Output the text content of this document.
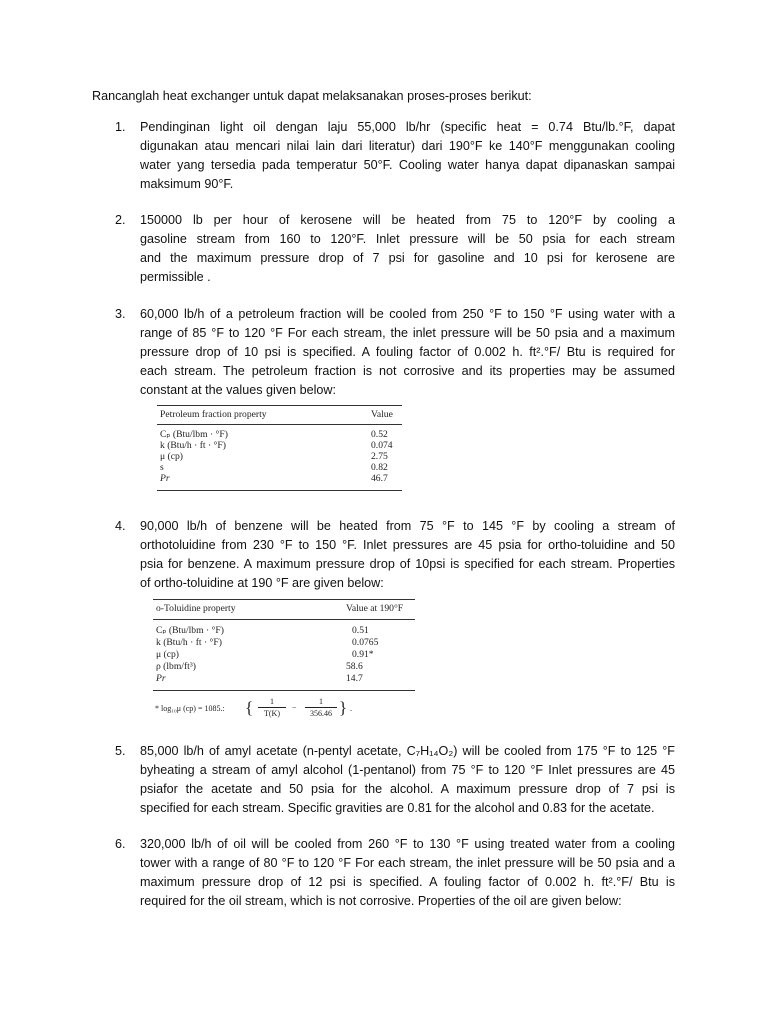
Rancanglah heat exchanger untuk dapat melaksanakan proses-proses berikut:
1.	Pendinginan light oil dengan laju 55,000 lb/hr (specific heat = 0.74 Btu/lb.°F, dapat
digunakan atau mencari nilai lain dari literatur) dari 190°F ke 140°F menggunakan cooling
water yang tersedia pada temperatur 50°F. Cooling water hanya dapat dipanaskan sampai
maksimum 90°F.
2.	150000 lb per hour of kerosene will be heated from 75 to 120°F by cooling a
gasoline stream from 160 to 120°F. Inlet pressure will be 50 psia for each stream
and the maximum pressure drop of 7 psi for gasoline and 10 psi for kerosene are
permissible .
3.	60,000 lb/h of a petroleum fraction will be cooled from 250 °F to 150 °F using water with a
range of 85 °F to 120 °F For each stream, the inlet pressure will be 50 psia and a maximum
pressure drop of 10 psi is specified. A fouling factor of 0.002 h. ft².°F/ Btu is required for
each stream. The petroleum fraction is not corrosive and its properties may be assumed
constant at the values given below:
Petroleum fraction property	Value
Cₚ (Btu/lbm · °F)	0.52
k (Btu/h · ft · °F)	0.074
μ (cp)	2.75
s	0.82
Pr	46.7
4.	90,000 lb/h of benzene will be heated from 75 °F to 145 °F by cooling a stream of
orthotoluidine from 230 °F to 150 °F. Inlet pressures are 45 psia for ortho-toluidine and 50
psia for benzene. A maximum pressure drop of 10psi is specified for each stream. Properties
of ortho-toluidine at 190 °F are given below:
o-Toluidine property	Value at 190°F
Cₚ (Btu/lbm · °F)	0.51
k (Btu/h · ft · °F)	0.0765
μ (cp)	0.91*
ρ (lbm/ft³)	58.6
Pr	14.7
* log₁₀μ (cp) = 1085.: {	1
T(K)
−
1
356.46 } .
5.	85,000 lb/h of amyl acetate (n-pentyl acetate, C₇H₁₄O₂) will be cooled from 175 °F to 125 °F
byheating a stream of amyl alcohol (1-pentanol) from 75 °F to 120 °F Inlet pressures are 45
psiafor the acetate and 50 psia for the alcohol. A maximum pressure drop of 7 psi is
specified for each stream. Specific gravities are 0.81 for the alcohol and 0.83 for the acetate.
6.	320,000 lb/h of oil will be cooled from 260 °F to 130 °F using treated water from a cooling
tower with a range of 80 °F to 120 °F For each stream, the inlet pressure will be 50 psia and a
maximum pressure drop of 12 psi is specified. A fouling factor of 0.002 h. ft².°F/ Btu is
required for the oil stream, which is not corrosive. Properties of the oil are given below:
